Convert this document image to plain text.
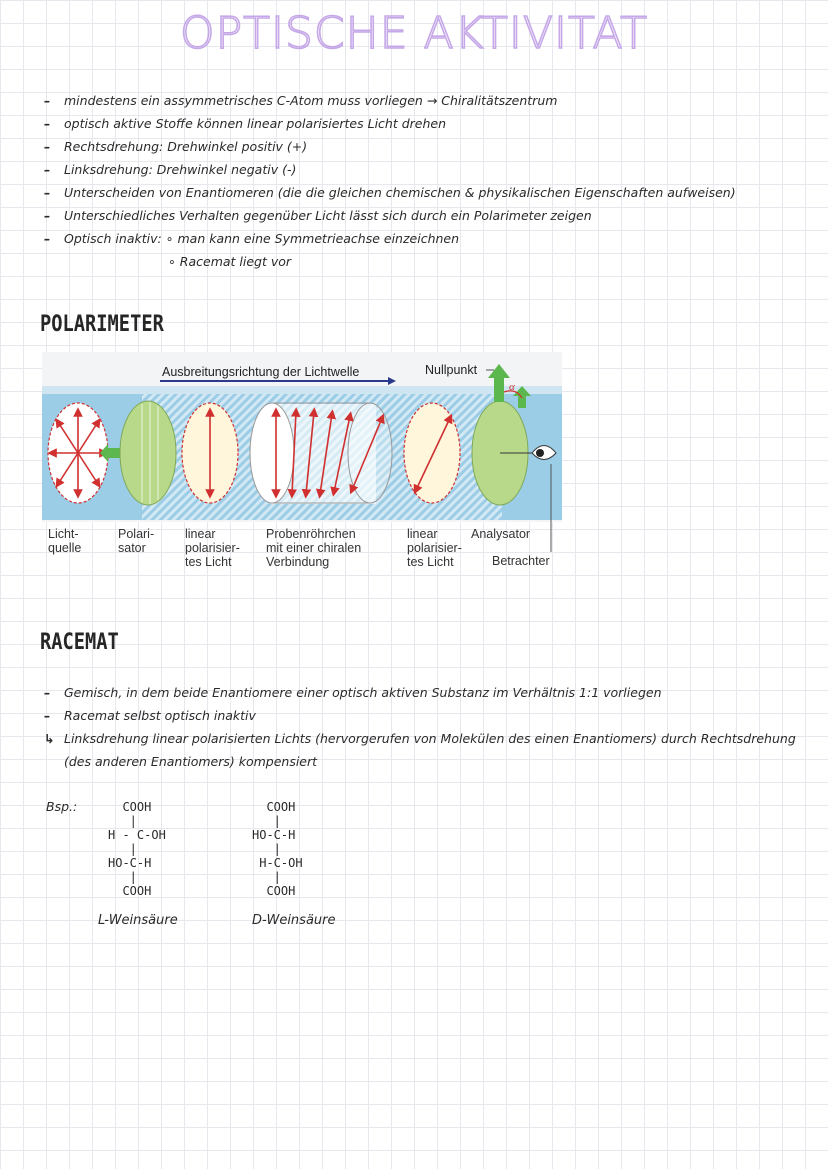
OPTISCHE AKTIVITAT
–	mindestens ein assymmetrisches C-Atom muss vorliegen → Chiralitätszentrum
–	optisch aktive Stoffe können linear polarisiertes Licht drehen
–	Rechtsdrehung: Drehwinkel positiv (+)
–	Linksdrehung: Drehwinkel negativ (-)
–	Unterscheiden von Enantiomeren (die die gleichen chemischen & physikalischen Eigenschaften aufweisen)
–	Unterschiedliches Verhalten gegenüber Licht lässt sich durch ein Polarimeter zeigen
–	Optisch inaktiv: ∘ man kann eine Symmetrieachse einzeichnen
∘ Racemat liegt vor
POLARIMETER
Ausbreitungsrichtung der Lichtwelle
α
Nullpunkt
Licht-
quelle
Polari-
sator
linear
polarisier-
tes Licht
Probenröhrchen
mit einer chiralen
Verbindung
linear
polarisier-
tes Licht
Analysator
Betrachter
RACEMAT
–	Gemisch, in dem beide Enantiomere einer optisch aktiven Substanz im Verhältnis 1:1 vorliegen
–	Racemat selbst optisch inaktiv
↳ Linksdrehung linear polarisierten Lichts (hervorgerufen von Molekülen des einen Enantiomers) durch Rechtsdrehung
(des anderen Enantiomers) kompensiert
Bsp.:	COOH
|
H - C-OH
|
HO-C-H
|
COOH
L-Weinsäure
COOH
|
HO-C-H
|
H-C-OH
|
COOH
D-Weinsäure
